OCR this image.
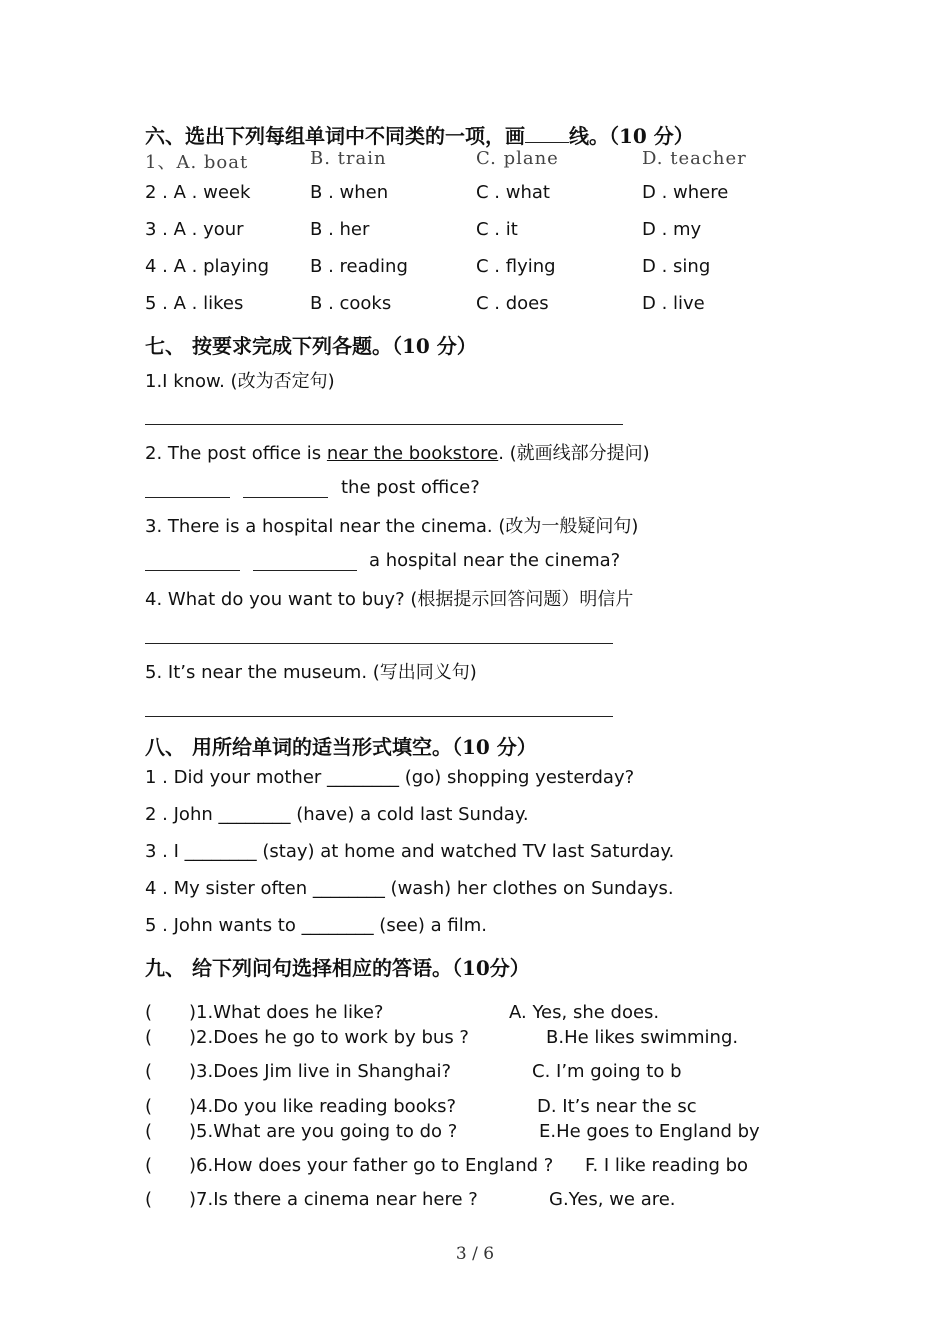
六、选出下列每组单词中不同类的一项，画 线。（10 分）
1、A. boat	B. train	C. plane	D. teacher
2 . A . week	B . when	C . what	D . where
3 . A . your	B . her	C . it	D . my
4 . A . playing B . reading	C . flying	D . sing
5 . A . likes	B . cooks	C . does	D . live
七、 按要求完成下列各题。（10 分）
1.I know. (改为否定句)
2. The post office is near the bookstore. (就画线部分提问)
the post office?
3. There is a hospital near the cinema. (改为一般疑问句)
a hospital near the cinema?
4. What do you want to buy? (根据提示回答问题）明信片
5. It’s near the museum. (写出同义句)
八、 用所给单词的适当形式填空。（10 分）
1 . Did your mother ________ (go) shopping yesterday?
2 . John ________ (have) a cold last Sunday.
3 . I ________ (stay) at home and watched TV last Saturday.
4 . My sister often ________ (wash) her clothes on Sundays.
5 . John wants to ________ (see) a film.
九、 给下列问句选择相应的答语。（10分）
( )1.What does he like?	A. Yes, she does.
( )2.Does he go to work by bus ?	B.He likes swimming.
( )3.Does Jim live in Shanghai?	C. I’m going to b
( )4.Do you like reading books?	D. It’s near the sc
( )5.What are you going to do ?	E.He goes to England by
( )6.How does your father go to England ? F. I like reading bo
( )7.Is there a cinema near here ?	G.Yes, we are.
3 / 6
